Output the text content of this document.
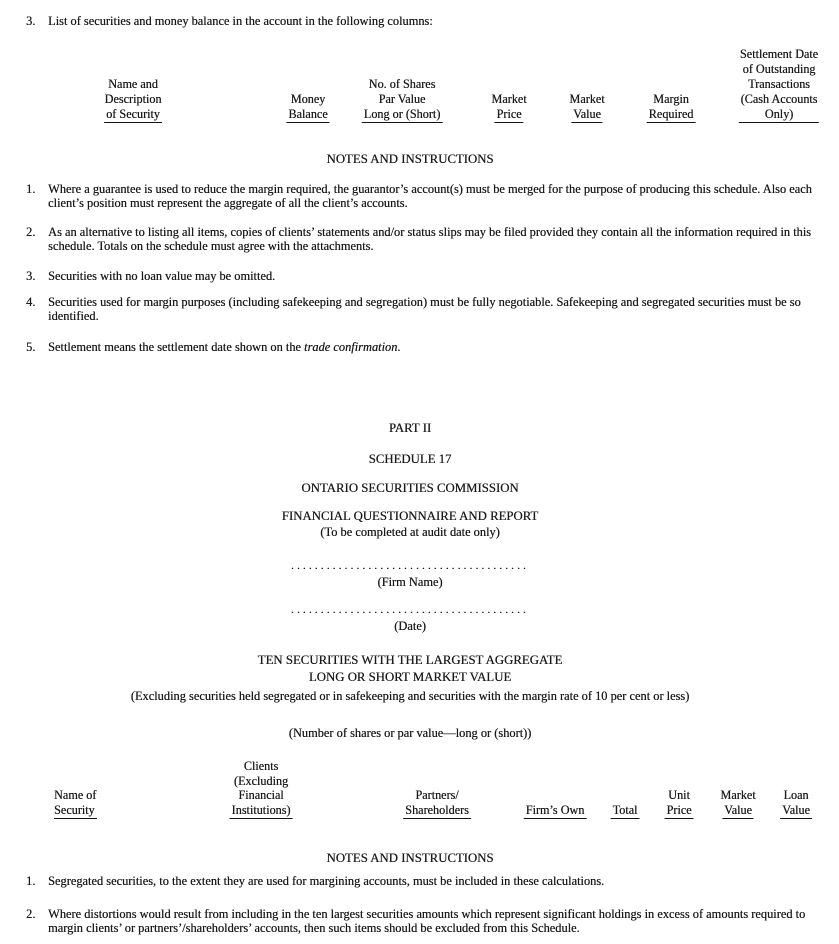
3. List of securities and money balance in the account in the following columns:
Name and
Description
of Security
Money
Balance
No. of Shares
Par Value
Long or (Short)
Market
Price
Market
Value
Margin
Required
Settlement Date
of Outstanding
Transactions
(Cash Accounts
Only)
NOTES AND INSTRUCTIONS
1. Where a guarantee is used to reduce the margin required, the guarantor’s account(s) must be merged for the purpose of producing this schedule. Also each client’s position must represent the aggregate of all the client’s accounts.
2. As an alternative to listing all items, copies of clients’ statements and/or status slips may be filed provided they contain all the information required in this schedule. Totals on the schedule must agree with the attachments.
3. Securities with no loan value may be omitted.
4. Securities used for margin purposes (including safekeeping and segregation) must be fully negotiable. Safekeeping and segregated securities must be so identified.
5. Settlement means the settlement date shown on the trade confirmation.
PART II
SCHEDULE 17
ONTARIO SECURITIES COMMISSION
FINANCIAL QUESTIONNAIRE AND REPORT
(To be completed at audit date only)
........................................
(Firm Name)
........................................
(Date)
TEN SECURITIES WITH THE LARGEST AGGREGATE
LONG OR SHORT MARKET VALUE
(Excluding securities held segregated or in safekeeping and securities with the margin rate of 10 per cent or less)
(Number of shares or par value—long or (short))
Name of
Security
Clients
(Excluding
Financial
Institutions)
Partners/
Shareholders	Firm’s Own Total
Unit
Price
Market
Value
Loan
Value
NOTES AND INSTRUCTIONS
1. Segregated securities, to the extent they are used for margining accounts, must be included in these calculations.
2. Where distortions would result from including in the ten largest securities amounts which represent significant holdings in excess of amounts required to margin clients’ or partners’/shareholders’ accounts, then such items should be excluded from this Schedule.
